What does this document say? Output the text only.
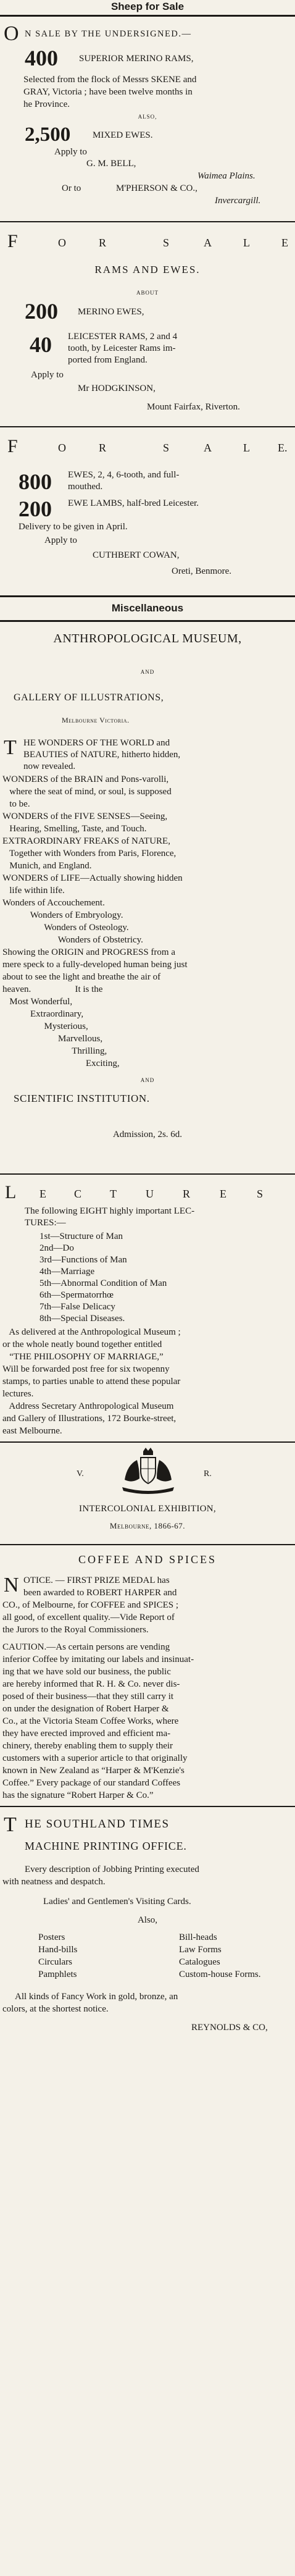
Sheep for Sale
O N SALE BY THE UNDERSIGNED.—
400 SUPERIOR MERINO RAMS,
Selected from the flock of Messrs SKENE and
GRAY, Victoria ; have been twelve months in
he Province.
ALSO,
2,500 MIXED EWES.
Apply to
G. M. BELL,
Waimea Plains.
Or to	M'PHERSON & CO.,
Invercargill.
F	O	R	S	A	L	E
RAMS AND EWES.
ABOUT
200 MERINO EWES,
40 LEICESTER RAMS, 2 and 4
tooth, by Leicester Rams im-
ported from England.
Apply to
Mr HODGKINSON,
Mount Fairfax, Riverton.
F	O	R	S	A	L	E.
800 EWES, 2, 4, 6-tooth, and full-
mouthed.
200 EWE LAMBS, half-bred Leicester.
Delivery to be given in April.
Apply to
CUTHBERT COWAN,
Oreti, Benmore.
Miscellaneous
ANTHROPOLOGICAL MUSEUM,
AND
GALLERY OF ILLUSTRATIONS,
Melbourne Victoria.
T HE WONDERS OF THE WORLD and
BEAUTIES of NATURE, hitherto hidden,
now revealed.
WONDERS of the BRAIN and Pons-varolli,
where the seat of mind, or soul, is supposed
to be.
WONDERS of the FIVE SENSES—Seeing,
Hearing, Smelling, Taste, and Touch.
EXTRAORDINARY FREAKS of NATURE,
Together with Wonders from Paris, Florence,
Munich, and England.
WONDERS of LIFE—Actually showing hidden
life within life.
Wonders of Accouchement.
Wonders of Embryology.
Wonders of Osteology.
Wonders of Obstetricy.
Showing the ORIGIN and PROGRESS from a
mere speck to a fully-developed human being just
about to see the light and breathe the air of
heaven.                   It is the
Most Wonderful,
Extraordinary,
Mysterious,
Marvellous,
Thrilling,
Exciting,
AND
SCIENTIFIC INSTITUTION.
Admission, 2s. 6d.
L E	C	T	U	R	E	S
The following EIGHT highly important LEC-
TURES:—
1st—Structure of Man
2nd—Do
3rd—Functions of Man
4th—Marriage
5th—Abnormal Condition of Man
6th—Spermatorrhœ
7th—False Delicacy
8th—Special Diseases.
As delivered at the Anthropological Museum ;
or the whole neatly bound together entitled
“THE PHILOSOPHY OF MARRIAGE,”
Will be forwarded post free for six twopenny
stamps, to parties unable to attend these popular
lectures.
Address Secretary Anthropological Museum
and Gallery of Illustrations, 172 Bourke-street,
east Melbourne.
V.	R.
INTERCOLONIAL EXHIBITION,
Melbourne, 1866-67.
COFFEE AND SPICES
N OTICE. — FIRST PRIZE MEDAL has
been awarded to ROBERT HARPER and
CO., of Melbourne, for COFFEE and SPICES ;
all good, of excellent quality.—Vide Report of
the Jurors to the Royal Commissioners.
CAUTION.—As certain persons are vending
inferior Coffee by imitating our labels and insinuat-
ing that we have sold our business, the public
are hereby informed that R. H. & Co. never dis-
posed of their business—that they still carry it
on under the designation of Robert Harper &
Co., at the Victoria Steam Coffee Works, where
they have erected improved and efficient ma-
chinery, thereby enabling them to supply their
customers with a superior article to that originally
known in New Zealand as “Harper & M'Kenzie's
Coffee.” Every package of our standard Coffees
has the signature “Robert Harper & Co.”
T HE SOUTHLAND TIMES
MACHINE PRINTING OFFICE.
Every description of Jobbing Printing executed
with neatness and despatch.
Ladies' and Gentlemen's Visiting Cards.
Also,
Posters
Hand-bills
Circulars
Pamphlets
Bill-heads
Law Forms
Catalogues
Custom-house Forms.
All kinds of Fancy Work in gold, bronze, an
colors, at the shortest notice.
REYNOLDS & CO,
